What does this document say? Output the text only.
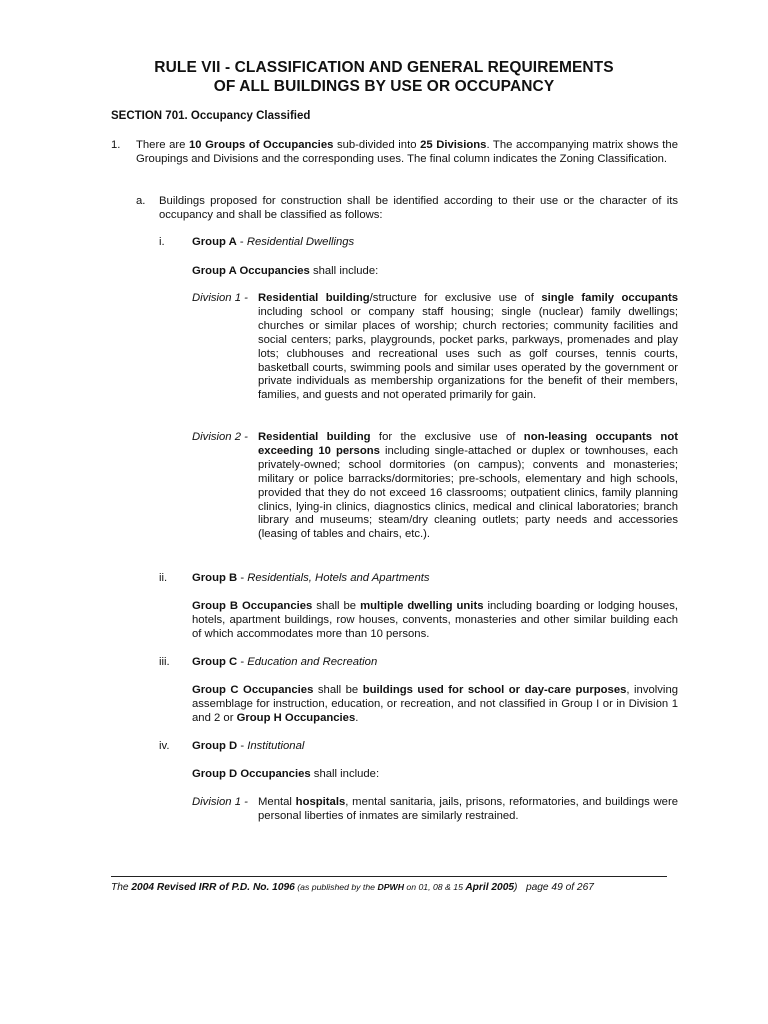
RULE VII - CLASSIFICATION AND GENERAL REQUIREMENTS
OF ALL BUILDINGS BY USE OR OCCUPANCY
SECTION 701. Occupancy Classified
1. There are 10 Groups of Occupancies sub-divided into 25 Divisions. The accompanying matrix shows the Groupings and Divisions and the corresponding uses. The final column indicates the Zoning Classification.
a. Buildings proposed for construction shall be identified according to their use or the character of its occupancy and shall be classified as follows:
i. Group A - Residential Dwellings
Group A Occupancies shall include:
Division 1 - Residential building/structure for exclusive use of single family occupants including school or company staff housing; single (nuclear) family dwellings; churches or similar places of worship; church rectories; community facilities and social centers; parks, playgrounds, pocket parks, parkways, promenades and play lots; clubhouses and recreational uses such as golf courses, tennis courts, basketball courts, swimming pools and similar uses operated by the government or private individuals as membership organizations for the benefit of their members, families, and guests and not operated primarily for gain.
Division 2 - Residential building for the exclusive use of non-leasing occupants not exceeding 10 persons including single-attached or duplex or townhouses, each privately-owned; school dormitories (on campus); convents and monasteries; military or police barracks/dormitories; pre-schools, elementary and high schools, provided that they do not exceed 16 classrooms; outpatient clinics, family planning clinics, lying-in clinics, diagnostics clinics, medical and clinical laboratories; branch library and museums; steam/dry cleaning outlets; party needs and accessories (leasing of tables and chairs, etc.).
ii. Group B - Residentials, Hotels and Apartments
Group B Occupancies shall be multiple dwelling units including boarding or lodging houses, hotels, apartment buildings, row houses, convents, monasteries and other similar building each of which accommodates more than 10 persons.
iii. Group C - Education and Recreation
Group C Occupancies shall be buildings used for school or day-care purposes, involving assemblage for instruction, education, or recreation, and not classified in Group I or in Division 1 and 2 or Group H Occupancies.
iv. Group D - Institutional
Group D Occupancies shall include:
Division 1 - Mental hospitals, mental sanitaria, jails, prisons, reformatories, and buildings were personal liberties of inmates are similarly restrained.
The 2004 Revised IRR of P.D. No. 1096 (as published by the DPWH on 01, 08 & 15 April 2005) page 49 of 267
